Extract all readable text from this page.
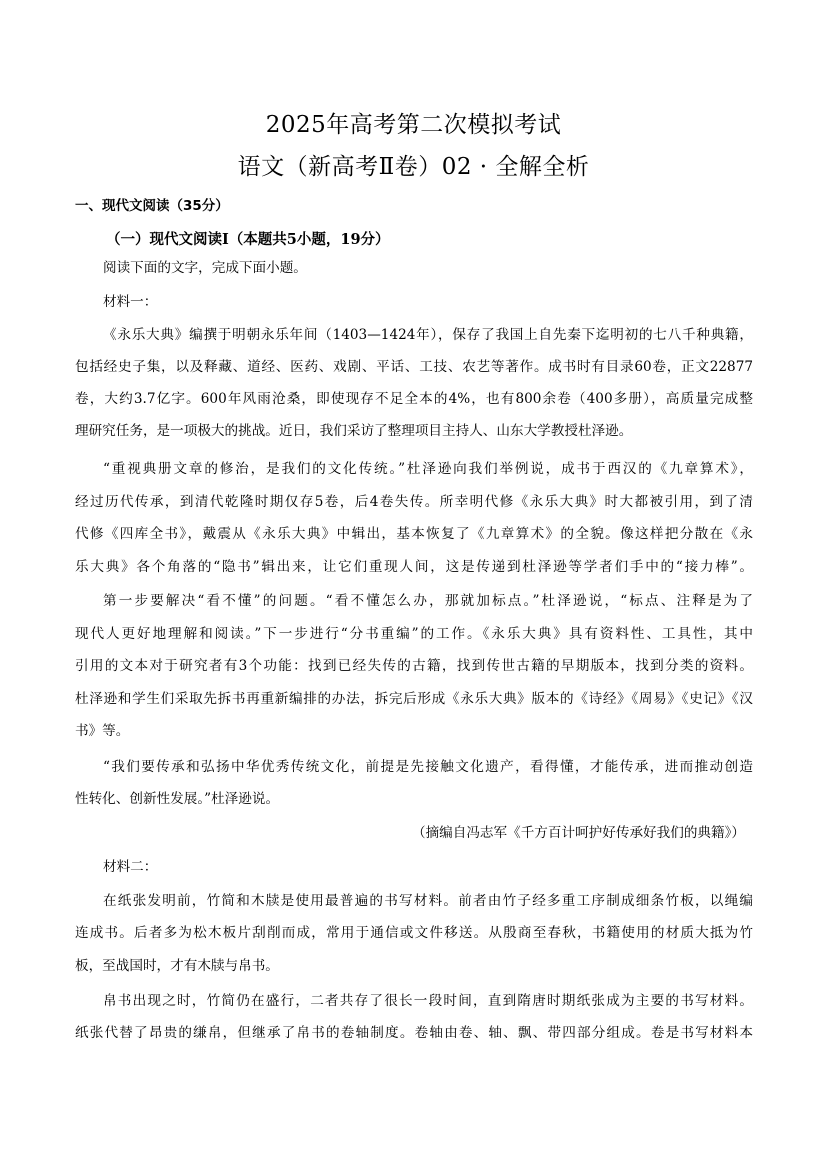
2025年高考第二次模拟考试
语文（新高考Ⅱ卷）02 · 全解全析
一、现代文阅读（35分）
（一）现代文阅读Ⅰ（本题共5小题，19分）
阅读下面的文字，完成下面小题。
材料一：
《永乐大典》编撰于明朝永乐年间（1403—1424年），保存了我国上自先秦下迄明初的七八千种典籍，
包括经史子集，以及释藏、道经、医药、戏剧、平话、工技、农艺等著作。成书时有目录60卷，正文22877
卷，大约3.7亿字。600年风雨沧桑，即使现存不足全本的4%，也有800余卷（400多册），高质量完成整
理研究任务，是一项极大的挑战。近日，我们采访了整理项目主持人、山东大学教授杜泽逊。
“重视典册文章的修治，是我们的文化传统。”杜泽逊向我们举例说，成书于西汉的《九章算术》，
经过历代传承，到清代乾隆时期仅存5卷，后4卷失传。所幸明代修《永乐大典》时大都被引用，到了清
代修《四库全书》，戴震从《永乐大典》中辑出，基本恢复了《九章算术》的全貌。像这样把分散在《永
乐大典》各个角落的“隐书”辑出来，让它们重现人间，这是传递到杜泽逊等学者们手中的“接力棒”。
第一步要解决“看不懂”的问题。“看不懂怎么办，那就加标点。”杜泽逊说，“标点、注释是为了
现代人更好地理解和阅读。”下一步进行“分书重编”的工作。《永乐大典》具有资料性、工具性，其中
引用的文本对于研究者有3个功能：找到已经失传的古籍，找到传世古籍的早期版本，找到分类的资料。
杜泽逊和学生们采取先拆书再重新编排的办法，拆完后形成《永乐大典》版本的《诗经》《周易》《史记》《汉
书》等。
“我们要传承和弘扬中华优秀传统文化，前提是先接触文化遗产，看得懂，才能传承，进而推动创造
性转化、创新性发展。”杜泽逊说。
（摘编自冯志军《千方百计呵护好传承好我们的典籍》）
材料二：
在纸张发明前，竹简和木牍是使用最普遍的书写材料。前者由竹子经多重工序制成细条竹板，以绳编
连成书。后者多为松木板片刮削而成，常用于通信或文件移送。从殷商至春秋，书籍使用的材质大抵为竹
板，至战国时，才有木牍与帛书。
帛书出现之时，竹简仍在盛行，二者共存了很长一段时间，直到隋唐时期纸张成为主要的书写材料。
纸张代替了昂贵的缣帛，但继承了帛书的卷轴制度。卷轴由卷、轴、飘、带四部分组成。卷是书写材料本
